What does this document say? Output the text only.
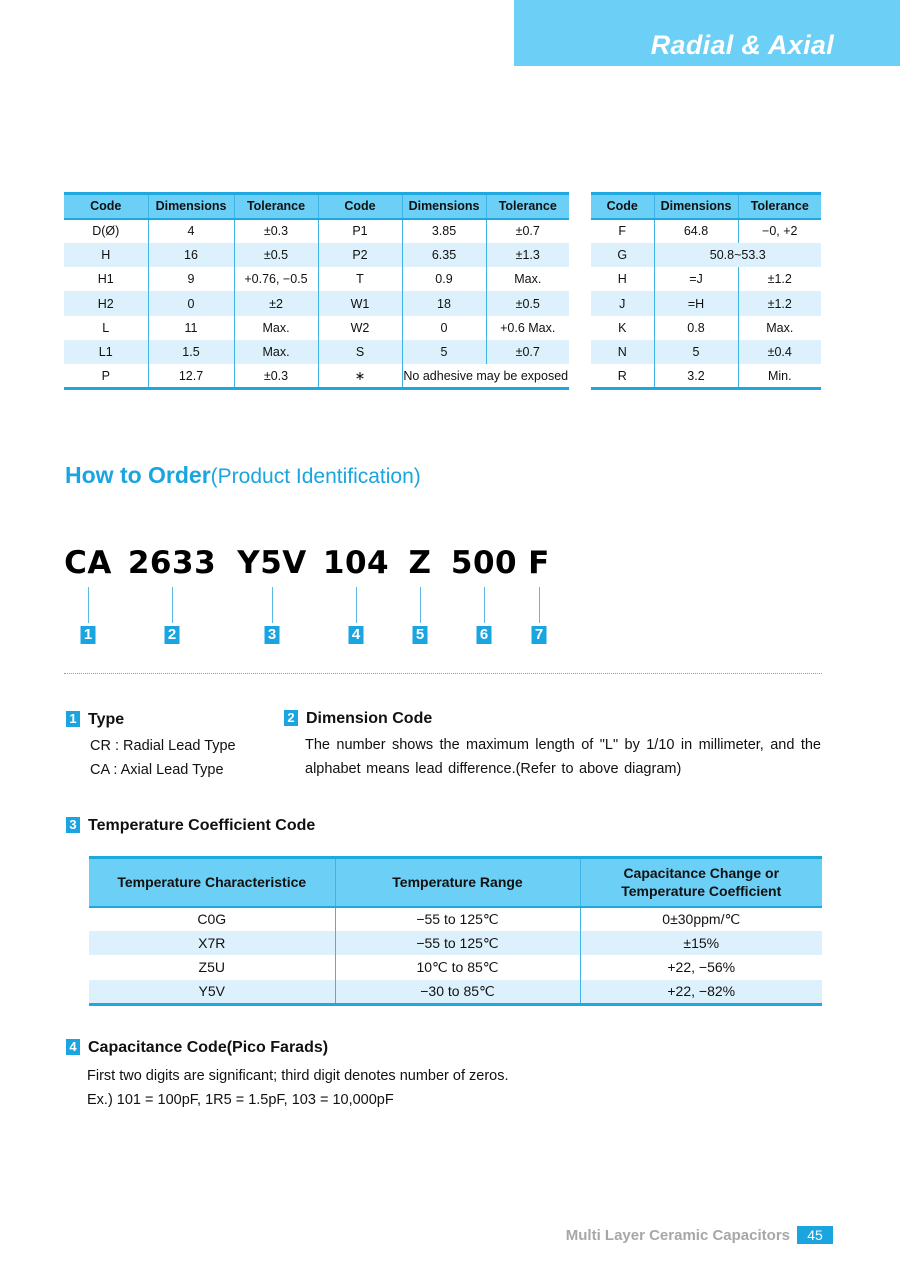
Radial & Axial
Code	Dimensions	Tolerance	Code	Dimensions	Tolerance
D(Ø)	4	±0.3	P1	3.85	±0.7
H	16	±0.5	P2	6.35	±1.3
H1	9	+0.76, −0.5	T	0.9	Max.
H2	0	±2	W1	18	±0.5
L	11	Max.	W2	0	+0.6 Max.
L1	1.5	Max.	S	5	±0.7
P	12.7	±0.3	∗	No adhesive may be exposed	
Code	Dimensions	Tolerance
F	64.8	−0, +2
G	50.8~53.3	
H	=J	±1.2
J	=H	±1.2
K	0.8	Max.
N	5	±0.4
R	3.2	Min.
How to Order(Product Identification)
CA 2633 Y5V 104 Z 500 F
1	2	3	4	5	6	7
1 Type
CR : Radial Lead Type
CA : Axial Lead Type
2 Dimension Code
The number shows the maximum length of "L" by 1/10 in millimeter, and the alphabet means lead difference.(Refer to above diagram)
3 Temperature Coefficient Code
Temperature Characteristice	Temperature Range	Capacitance Change or Temperature Coefficient
C0G	−55 to 125℃	0±30ppm/℃
X7R	−55 to 125℃	±15%
Z5U	10℃ to 85℃	+22, −56%
Y5V	−30 to 85℃	+22, −82%
4 Capacitance Code(Pico Farads)
First two digits are significant; third digit denotes number of zeros.
Ex.) 101 = 100pF, 1R5 = 1.5pF, 103 = 10,000pF
Multi Layer Ceramic Capacitors	45
